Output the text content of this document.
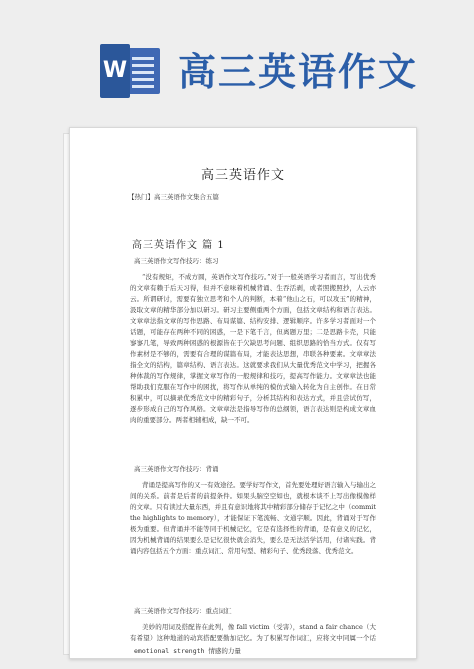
W 高三英语作文
高三英语作文
【热门】高三英语作文集合五篇
高三英语作文 篇 1
高三英语作文写作技巧：练习

“没有规矩，不成方圆，英语作文写作技巧。”对于一般英语学习者而言，写出优秀的文章有赖于后天习得，但并不意味着机械背诵、生吞活剥，或者照搬照抄，人云亦云。所谓研讨，需要有独立思考和个人的判断，本着“他山之石，可以攻玉”的精神，汲取文章的精华部分加以研习。研习主要侧重两个方面，包括文章结构和语言表达。文章章法指文章的写作思路、布局谋篇、结构安排、逻辑顺序。许多学习者面对一个话题，可能存在两种不同的困惑，一是下笔千言，但离题万里；二是思路卡壳，只能寥寥几笔，导致两种困惑的根源皆在于欠缺思考问题、组织思路的恰当方式。仅有写作素材是不够的，需要有合理的谋篇布局，才能表达思想，串联各种要素。文章章法指全文的结构，篇章结构、语言表达。这就要求我们从大量优秀范文中学习，把握各种体裁的写作规律，掌握文章写作的一般规律和技巧，提高写作能力。文章章法也能帮助我们克服在写作中的困扰，将写作从单纯的模仿式输入转化为自主创作。在日常积累中，可以摘录优秀范文中的精彩句子，分析其结构和表达方式，并且尝试仿写，逐步形成自己的写作风格。文章章法是指导写作的总纲领，语言表达则是构成文章血肉的重要部分。两者相辅相成，缺一不可。

高三英语作文写作技巧：背诵

背诵是提高写作的又一有效途径。要学好写作文，首先要处理好语言输入与输出之间的关系。前者是后者的前提条件。如果头脑空空如也，就根本谈不上写出像模像样的文章。只有读过大量东西，并且有意识地将其中精彩部分储存于记忆之中（commit the highlights to memory），才能保证下笔流畅、文通字顺。因此，背诵对于写作极为重要。但背诵并不能等同于机械记忆，它是有选择性的背诵，是有意义的记忆，因为机械背诵的结果要么是记忆很快就会消失，要么是无法活学活用，付诸实践。背诵内容包括五个方面：重点词汇、常用句型、精彩句子、优秀段落、优秀范文。

高三英语作文写作技巧：重点词汇

美妙的用词及搭配皆在此列，像 fall victim（受害），stand a fair chance（大有希望）这种地道的动宾搭配要勤加记忆。为了积累写作词汇，应将文中同属一个话

emotional strength 情感的力量
